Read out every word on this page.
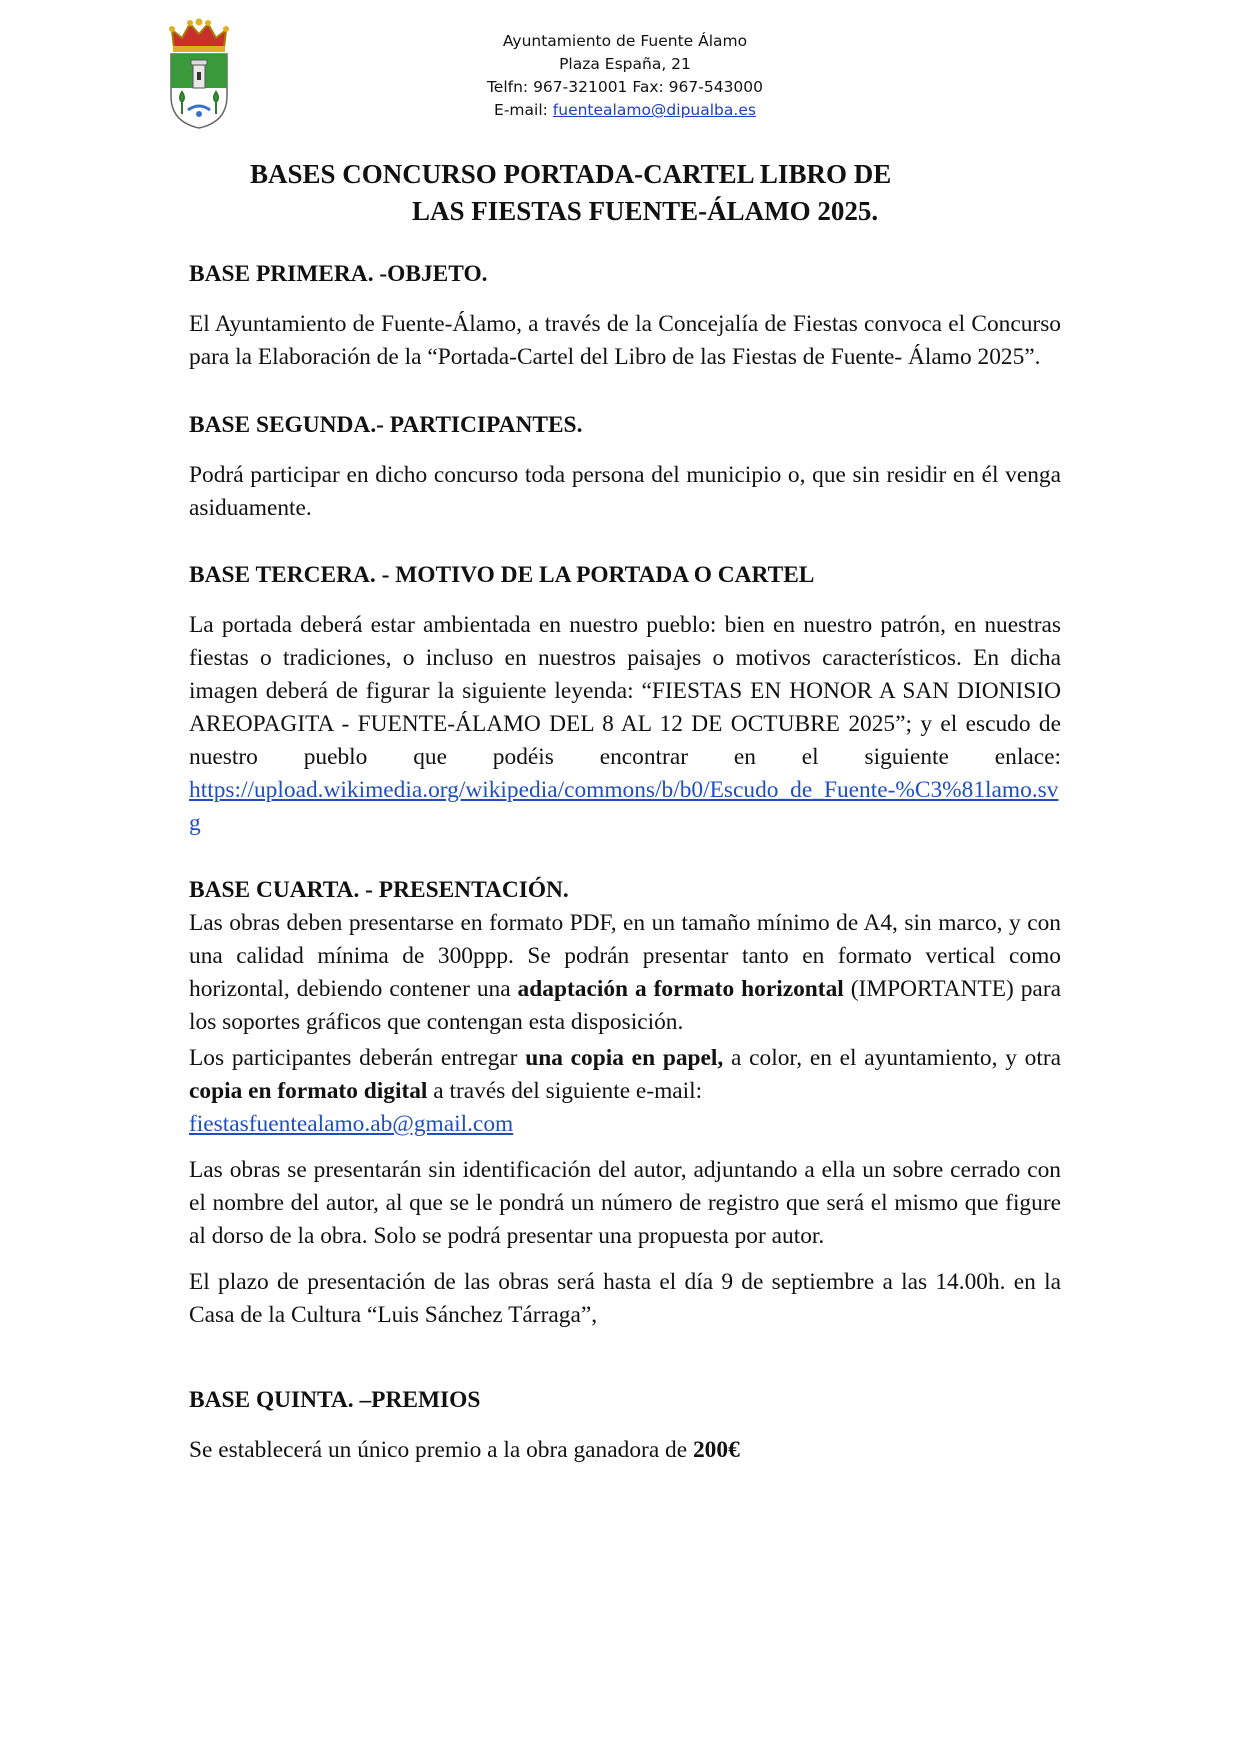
Ayuntamiento de Fuente Álamo
Plaza España, 21
Telfn: 967-321001 Fax: 967-543000
E-mail: fuentealamo@dipualba.es
BASES CONCURSO PORTADA-CARTEL LIBRO DE
LAS FIESTAS FUENTE-ÁLAMO 2025.
BASE PRIMERA. -OBJETO.

El Ayuntamiento de Fuente-Álamo, a través de la Concejalía de Fiestas convoca el Concurso para la Elaboración de la “Portada-Cartel del Libro de las Fiestas de Fuente- Álamo 2025”.

BASE SEGUNDA.- PARTICIPANTES.

Podrá participar en dicho concurso toda persona del municipio o, que sin residir en él venga asiduamente.

BASE TERCERA. - MOTIVO DE LA PORTADA O CARTEL

La portada deberá estar ambientada en nuestro pueblo: bien en nuestro patrón, en nuestras fiestas o tradiciones, o incluso en nuestros paisajes o motivos característicos. En dicha imagen deberá de figurar la siguiente leyenda: “FIESTAS EN HONOR A SAN DIONISIO AREOPAGITA - FUENTE-ÁLAMO DEL 8 AL 12 DE OCTUBRE 2025”; y el escudo de nuestro pueblo que podéis encontrar en el siguiente enlace:

https://upload.wikimedia.org/wikipedia/commons/b/b0/Escudo_de_Fuente-%C3%81lamo.svg

BASE CUARTA. - PRESENTACIÓN.

Las obras deben presentarse en formato PDF, en un tamaño mínimo de A4, sin marco, y con una calidad mínima de 300ppp. Se podrán presentar tanto en formato vertical como horizontal, debiendo contener una adaptación a formato horizontal (IMPORTANTE) para los soportes gráficos que contengan esta disposición.

Los participantes deberán entregar una copia en papel, a color, en el ayuntamiento, y otra copia en formato digital a través del siguiente e-mail:
fiestasfuentealamo.ab@gmail.com

Las obras se presentarán sin identificación del autor, adjuntando a ella un sobre cerrado con el nombre del autor, al que se le pondrá un número de registro que será el mismo que figure al dorso de la obra. Solo se podrá presentar una propuesta por autor.

El plazo de presentación de las obras será hasta el día 9 de septiembre a las 14.00h. en la Casa de la Cultura “Luis Sánchez Tárraga”,

BASE QUINTA. –PREMIOS

Se establecerá un único premio a la obra ganadora de 200€
